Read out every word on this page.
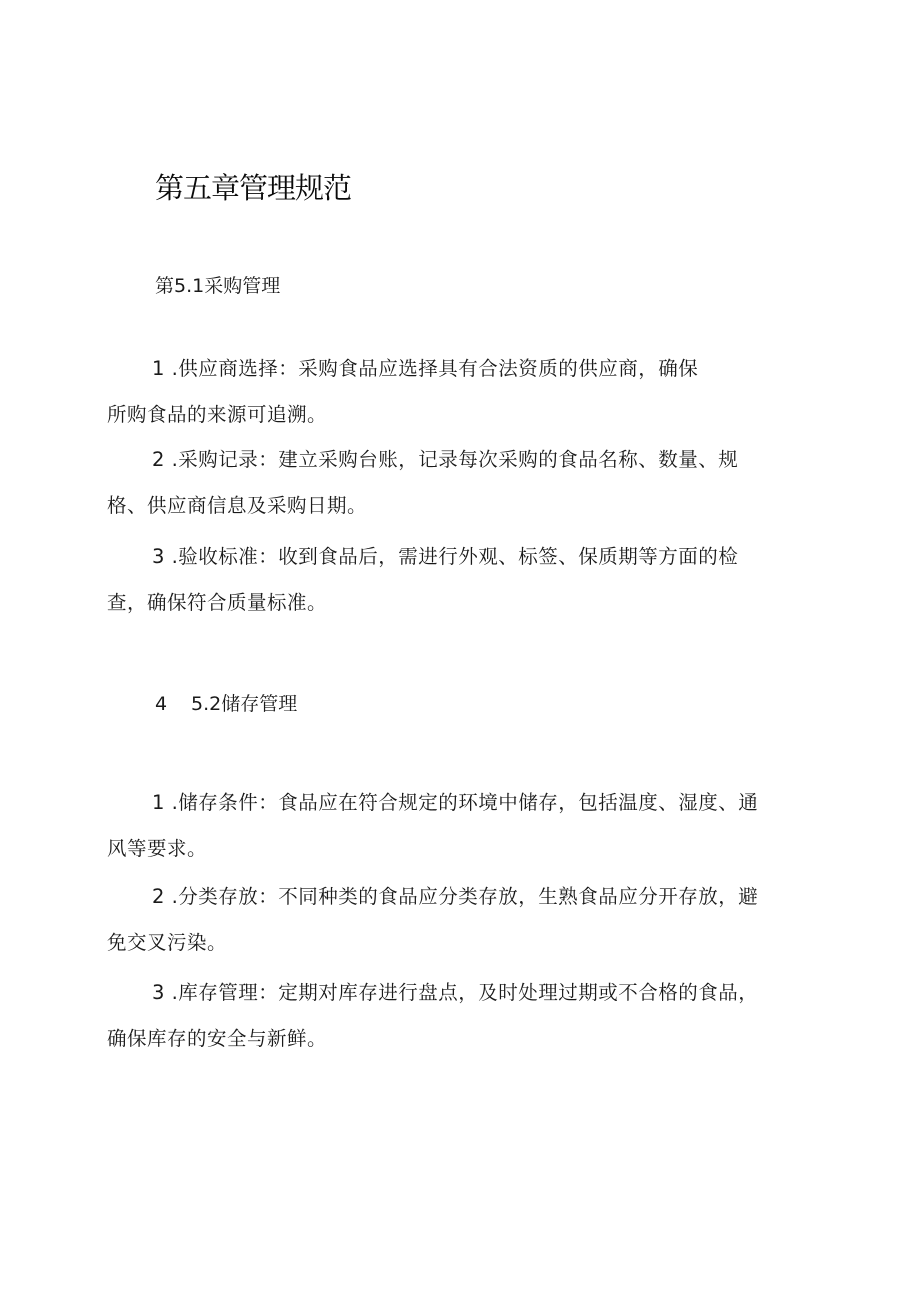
第五章管理规范
第5.1采购管理
1 .供应商选择：采购食品应选择具有合法资质的供应商，确保
所购食品的来源可追溯。
2 .采购记录：建立采购台账，记录每次采购的食品名称、数量、规
格、供应商信息及采购日期。
3 .验收标准：收到食品后，需进行外观、标签、保质期等方面的检
查，确保符合质量标准。
4 5.2储存管理
1 .储存条件：食品应在符合规定的环境中储存，包括温度、湿度、通
风等要求。
2 .分类存放：不同种类的食品应分类存放，生熟食品应分开存放，避
免交叉污染。
3 .库存管理：定期对库存进行盘点，及时处理过期或不合格的食品，
确保库存的安全与新鲜。
